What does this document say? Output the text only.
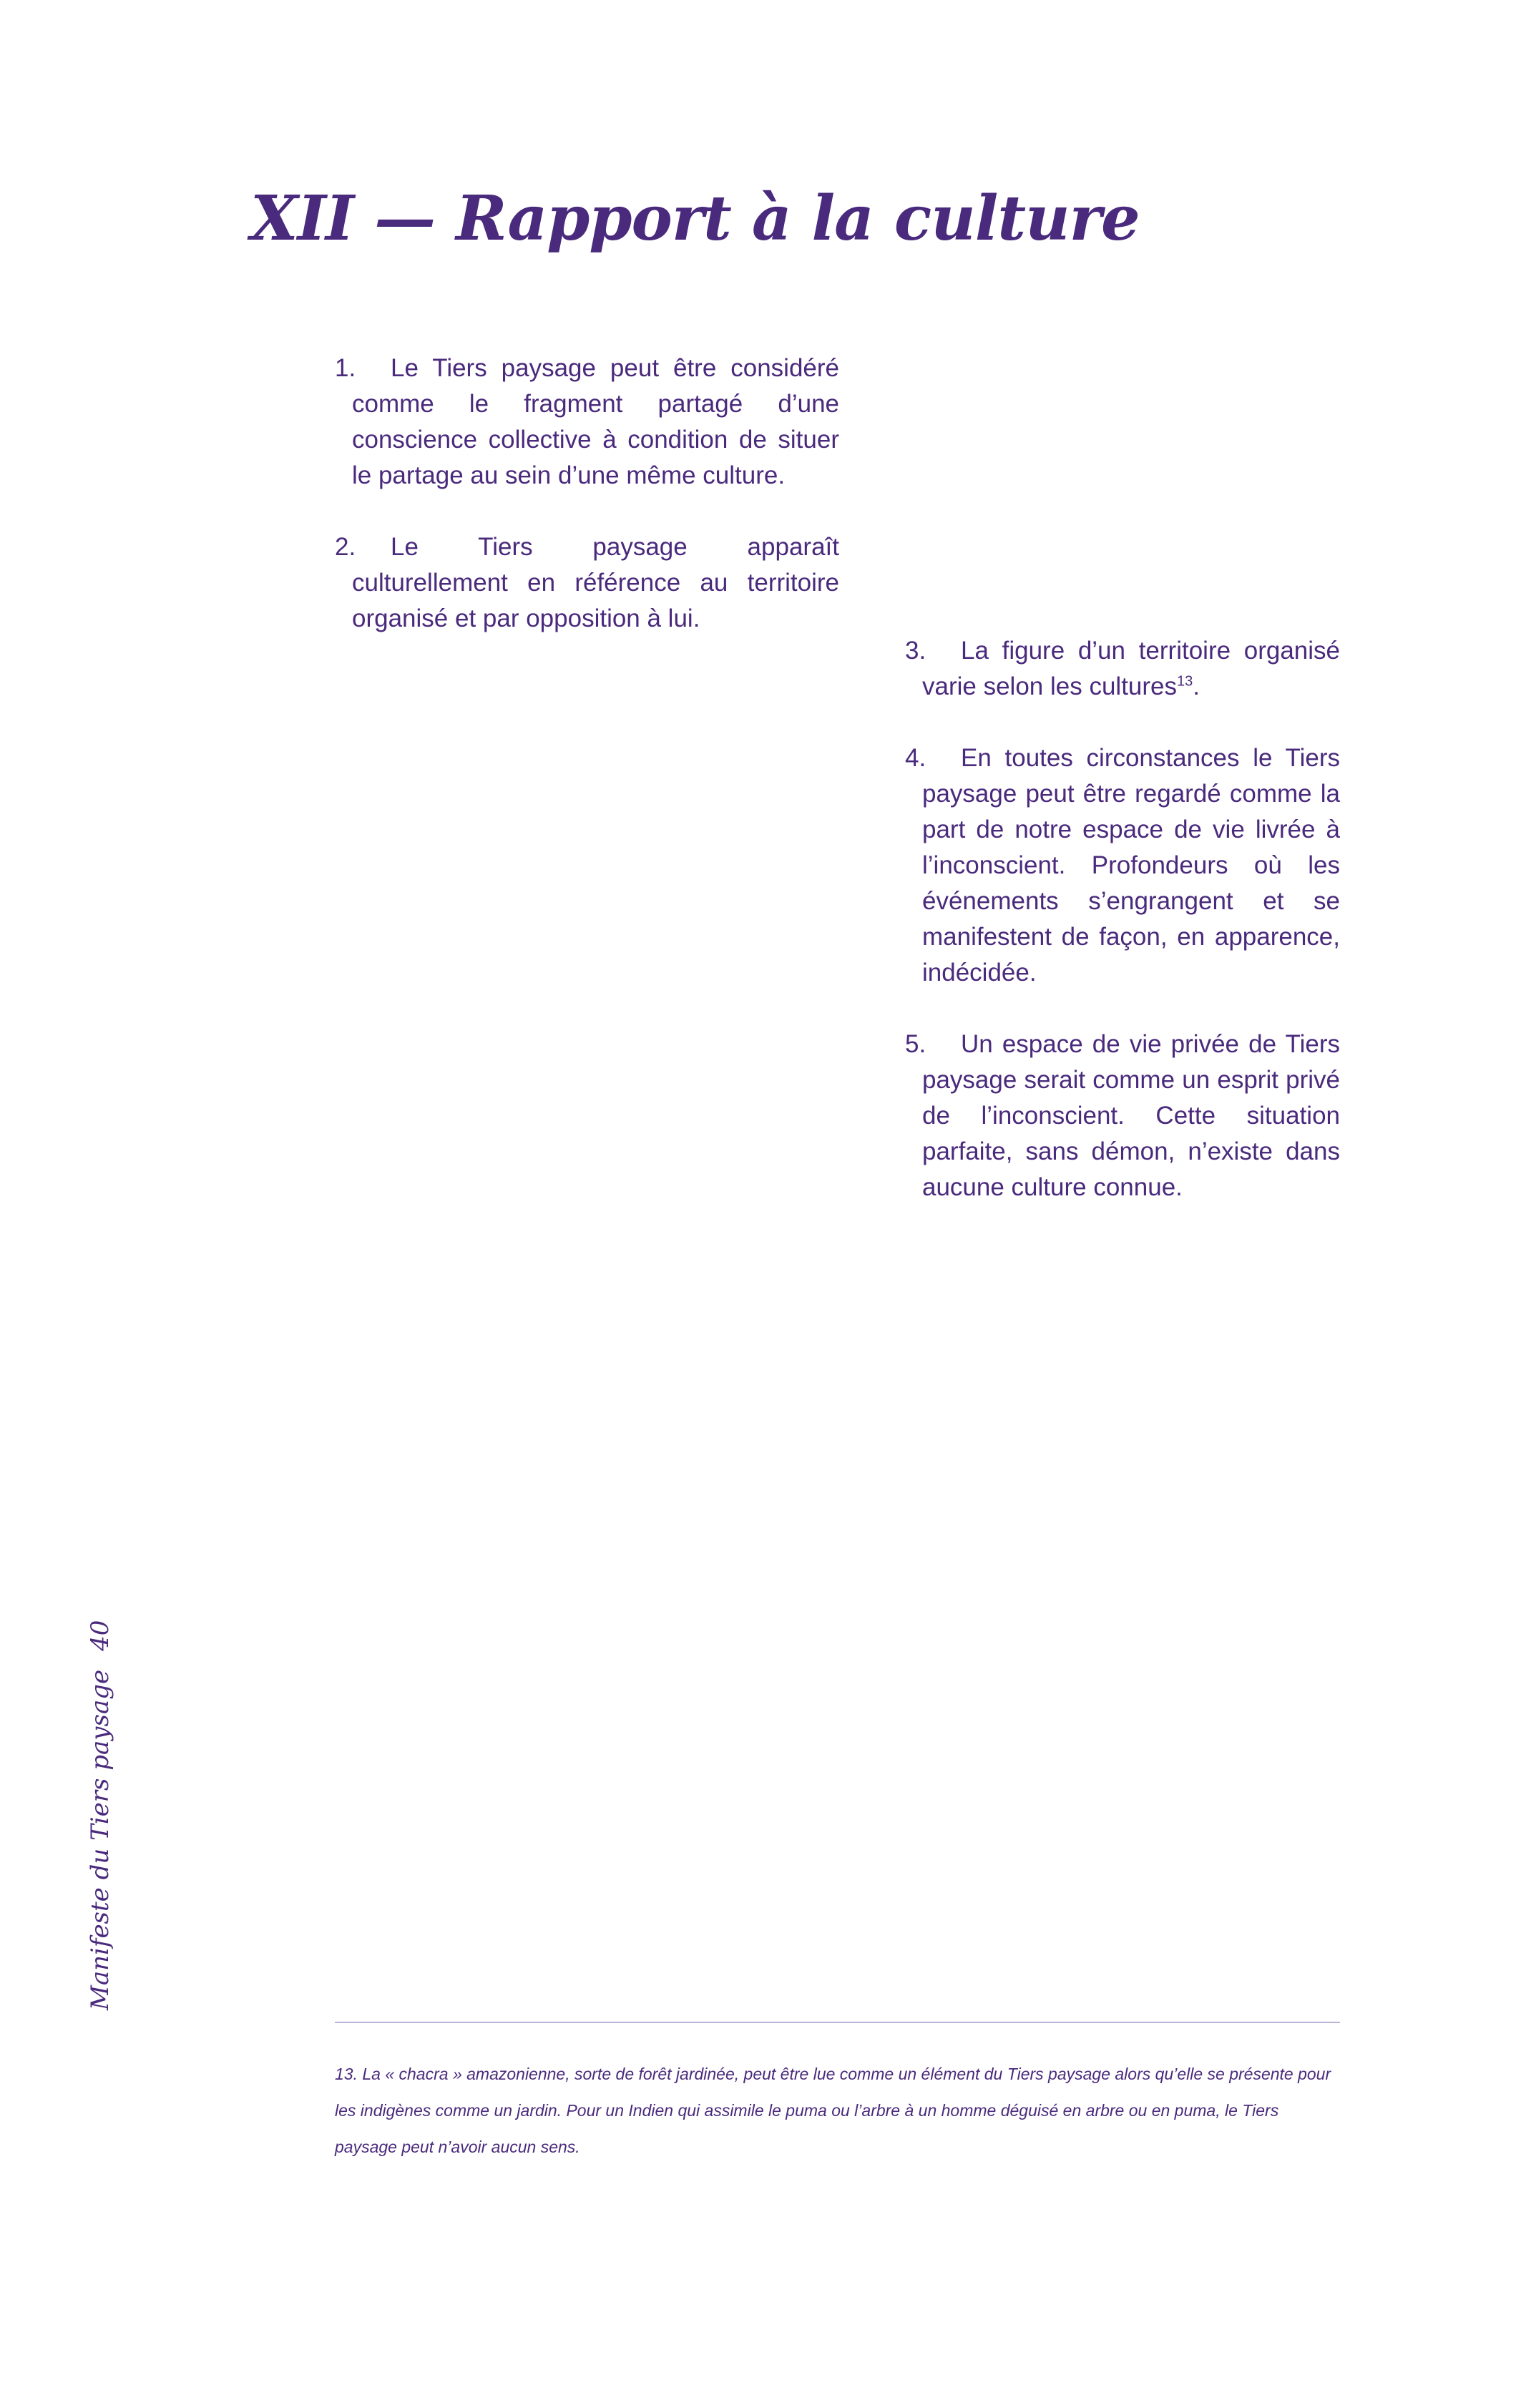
XII — Rapport à la culture

1. Le Tiers paysage peut être considéré comme le fragment partagé d’une conscience collective à condition de situer le partage au sein d’une même culture.

2. Le Tiers paysage apparaît culturellement en référence au territoire organisé et par opposition à lui.

3. La figure d’un territoire organisé varie selon les cultures$^{13}$.

4. En toutes circonstances le Tiers paysage peut être regardé comme la part de notre espace de vie livrée à l’inconscient. Profondeurs où les événements s’engrangent et se manifestent de façon, en apparence, indécidée.

5. Un espace de vie privée de Tiers paysage serait comme un esprit privé de l’inconscient. Cette situation parfaite, sans démon, n’existe dans aucune culture connue.

Manifeste du Tiers paysage40

13. La « chacra » amazonienne, sorte de forêt jardinée, peut être lue comme un élément du Tiers paysage alors qu’elle se présente pour les indigènes comme un jardin. Pour un Indien qui assimile le puma ou l’arbre à un homme déguisé en arbre ou en puma, le Tiers paysage peut n’avoir aucun sens.
